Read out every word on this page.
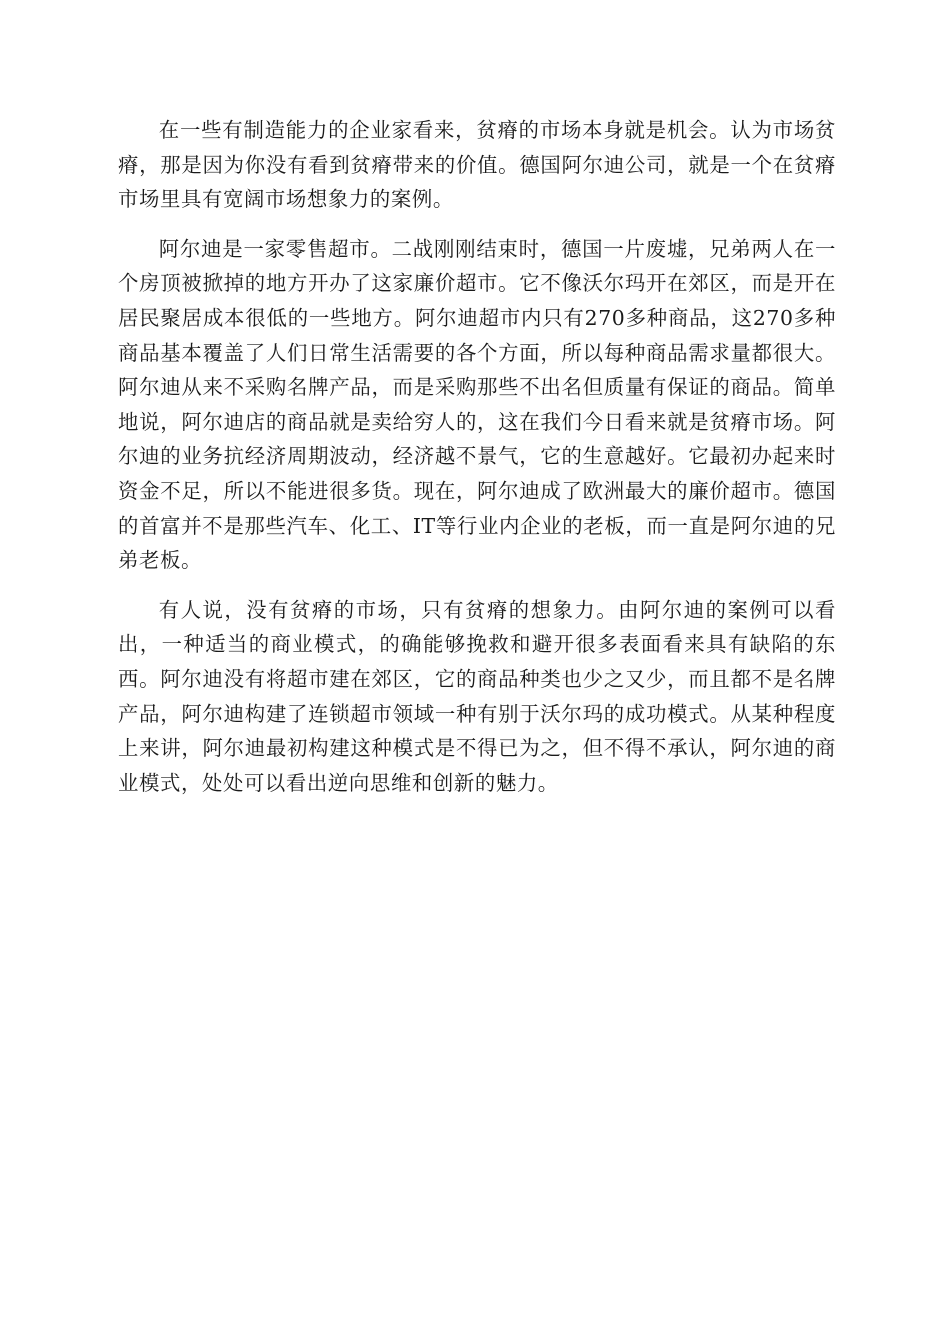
在一些有制造能力的企业家看来，贫瘠的市场本身就是机会。认为市场贫瘠，那是因为你没有看到贫瘠带来的价值。德国阿尔迪公司，就是一个在贫瘠市场里具有宽阔市场想象力的案例。

阿尔迪是一家零售超市。二战刚刚结束时，德国一片废墟，兄弟两人在一个房顶被掀掉的地方开办了这家廉价超市。它不像沃尔玛开在郊区，而是开在居民聚居成本很低的一些地方。阿尔迪超市内只有270多种商品，这270多种商品基本覆盖了人们日常生活需要的各个方面，所以每种商品需求量都很大。阿尔迪从来不采购名牌产品，而是采购那些不出名但质量有保证的商品。简单地说，阿尔迪店的商品就是卖给穷人的，这在我们今日看来就是贫瘠市场。阿尔迪的业务抗经济周期波动，经济越不景气，它的生意越好。它最初办起来时资金不足，所以不能进很多货。现在，阿尔迪成了欧洲最大的廉价超市。德国的首富并不是那些汽车、化工、IT等行业内企业的老板，而一直是阿尔迪的兄弟老板。

有人说，没有贫瘠的市场，只有贫瘠的想象力。由阿尔迪的案例可以看出，一种适当的商业模式，的确能够挽救和避开很多表面看来具有缺陷的东西。阿尔迪没有将超市建在郊区，它的商品种类也少之又少，而且都不是名牌产品，阿尔迪构建了连锁超市领域一种有别于沃尔玛的成功模式。从某种程度上来讲，阿尔迪最初构建这种模式是不得已为之，但不得不承认，阿尔迪的商业模式，处处可以看出逆向思维和创新的魅力。
